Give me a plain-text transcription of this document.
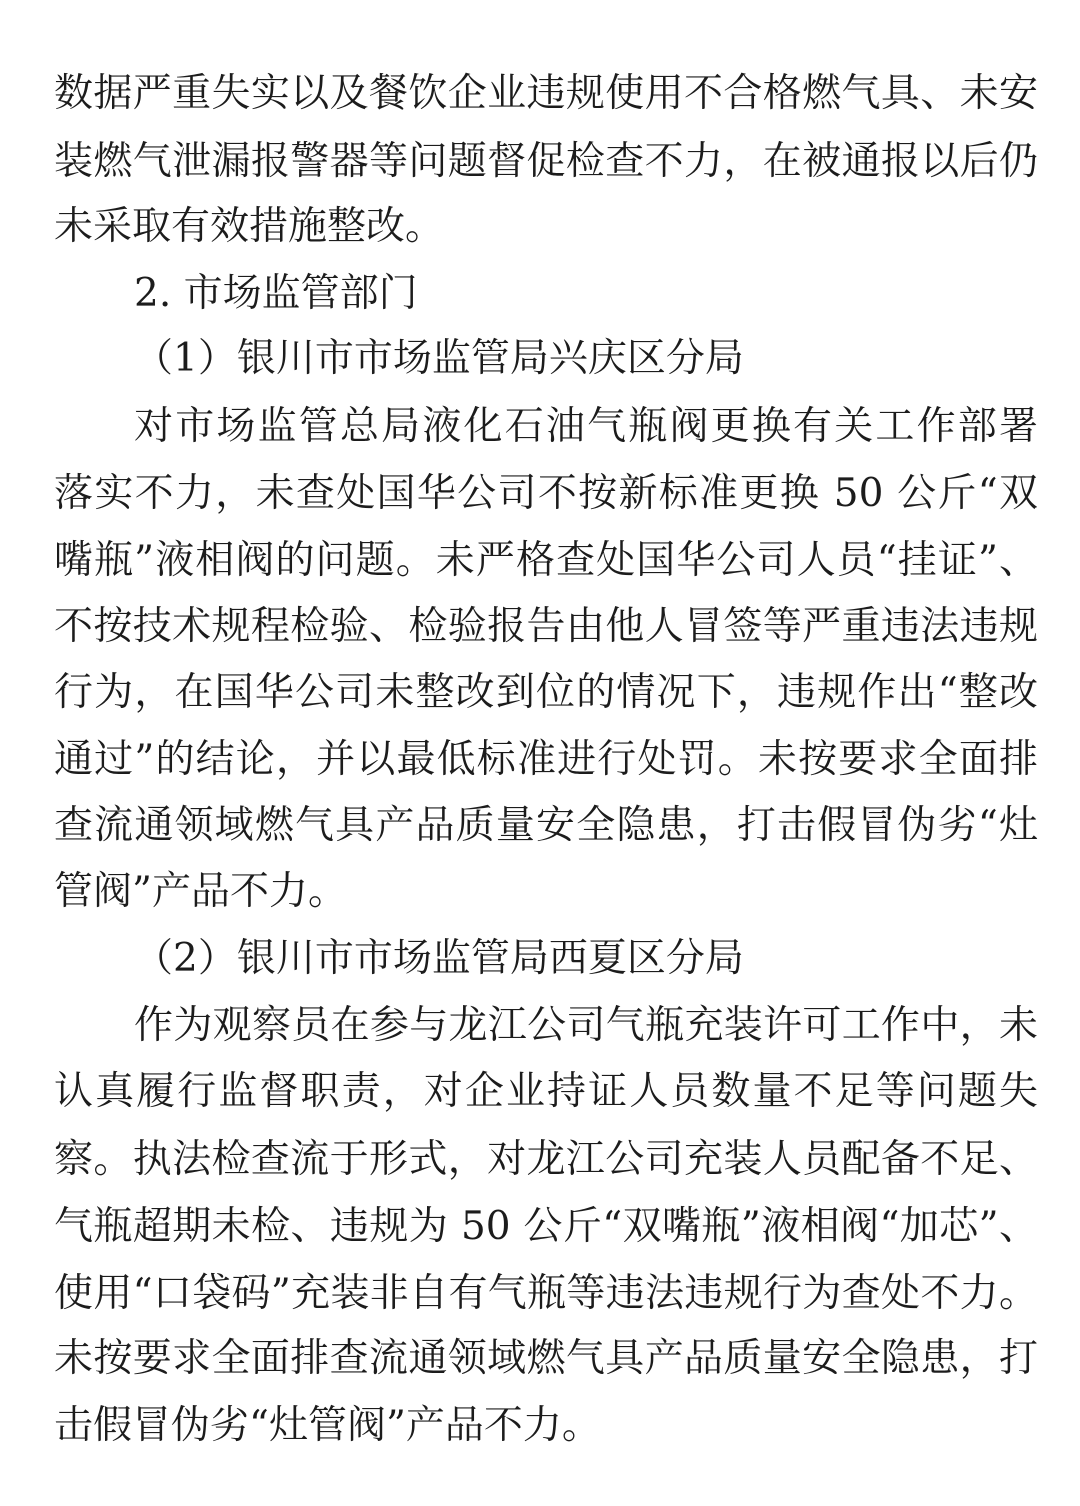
数据严重失实以及餐饮企业违规使用不合格燃气具、未安
装燃气泄漏报警器等问题督促检查不力，在被通报以后仍
未采取有效措施整改。
2. 市场监管部门
（1）银川市市场监管局兴庆区分局
对市场监管总局液化石油气瓶阀更换有关工作部署
落实不力，未查处国华公司不按新标准更换 50 公斤“双
嘴瓶”液相阀的问题。未严格查处国华公司人员“挂证”、
不按技术规程检验、检验报告由他人冒签等严重违法违规
行为，在国华公司未整改到位的情况下，违规作出“整改
通过”的结论，并以最低标准进行处罚。未按要求全面排
查流通领域燃气具产品质量安全隐患，打击假冒伪劣“灶
管阀”产品不力。
（2）银川市市场监管局西夏区分局
作为观察员在参与龙江公司气瓶充装许可工作中，未
认真履行监督职责，对企业持证人员数量不足等问题失
察。执法检查流于形式，对龙江公司充装人员配备不足、
气瓶超期未检、违规为 50 公斤“双嘴瓶”液相阀“加芯”、
使用“口袋码”充装非自有气瓶等违法违规行为查处不力。
未按要求全面排查流通领域燃气具产品质量安全隐患，打
击假冒伪劣“灶管阀”产品不力。
